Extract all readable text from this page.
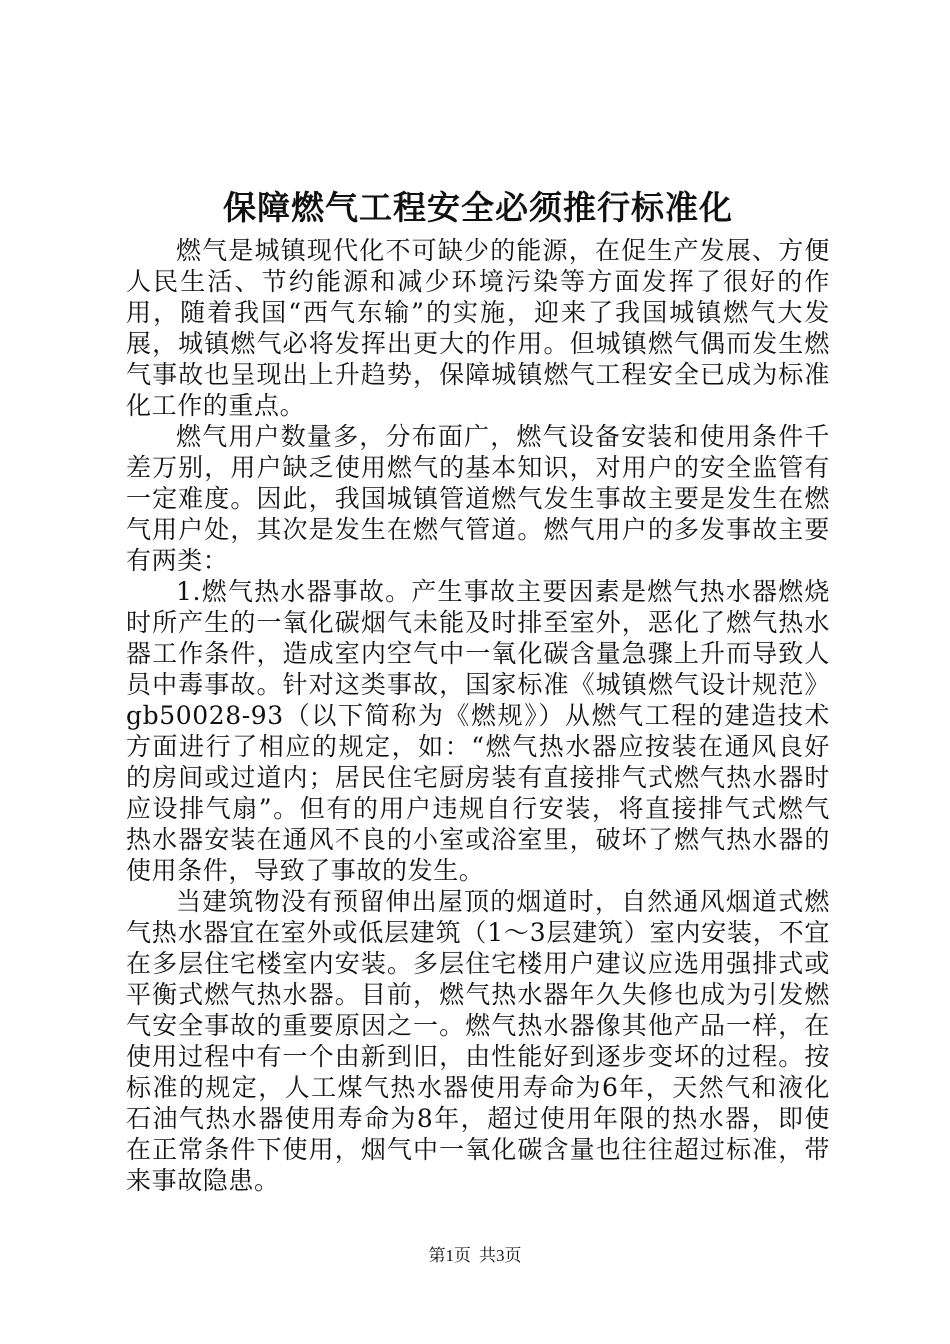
保障燃气工程安全必须推行标准化

燃气是城镇现代化不可缺少的能源，在促生产发展、方便人民生活、节约能源和减少环境污染等方面发挥了很好的作用，随着我国“西气东输”的实施，迎来了我国城镇燃气大发展，城镇燃气必将发挥出更大的作用。但城镇燃气偶而发生燃气事故也呈现出上升趋势，保障城镇燃气工程安全已成为标准化工作的重点。

燃气用户数量多，分布面广，燃气设备安装和使用条件千差万别，用户缺乏使用燃气的基本知识，对用户的安全监管有一定难度。因此，我国城镇管道燃气发生事故主要是发生在燃气用户处，其次是发生在燃气管道。燃气用户的多发事故主要有两类：

1.燃气热水器事故。产生事故主要因素是燃气热水器燃烧时所产生的一氧化碳烟气未能及时排至室外，恶化了燃气热水器工作条件，造成室内空气中一氧化碳含量急骤上升而导致人员中毒事故。针对这类事故，国家标准《城镇燃气设计规范》gb50028-93（以下简称为《燃规》）从燃气工程的建造技术方面进行了相应的规定，如：“燃气热水器应按装在通风良好的房间或过道内；居民住宅厨房装有直接排气式燃气热水器时应设排气扇”。但有的用户违规自行安装，将直接排气式燃气热水器安装在通风不良的小室或浴室里，破坏了燃气热水器的使用条件，导致了事故的发生。

当建筑物没有预留伸出屋顶的烟道时，自然通风烟道式燃气热水器宜在室外或低层建筑（1～3层建筑）室内安装，不宜在多层住宅楼室内安装。多层住宅楼用户建议应选用强排式或平衡式燃气热水器。目前，燃气热水器年久失修也成为引发燃气安全事故的重要原因之一。燃气热水器像其他产品一样，在使用过程中有一个由新到旧，由性能好到逐步变坏的过程。按标准的规定，人工煤气热水器使用寿命为6年，天然气和液化石油气热水器使用寿命为8年，超过使用年限的热水器，即使在正常条件下使用，烟气中一氧化碳含量也往往超过标准，带来事故隐患。

第1页 共3页
